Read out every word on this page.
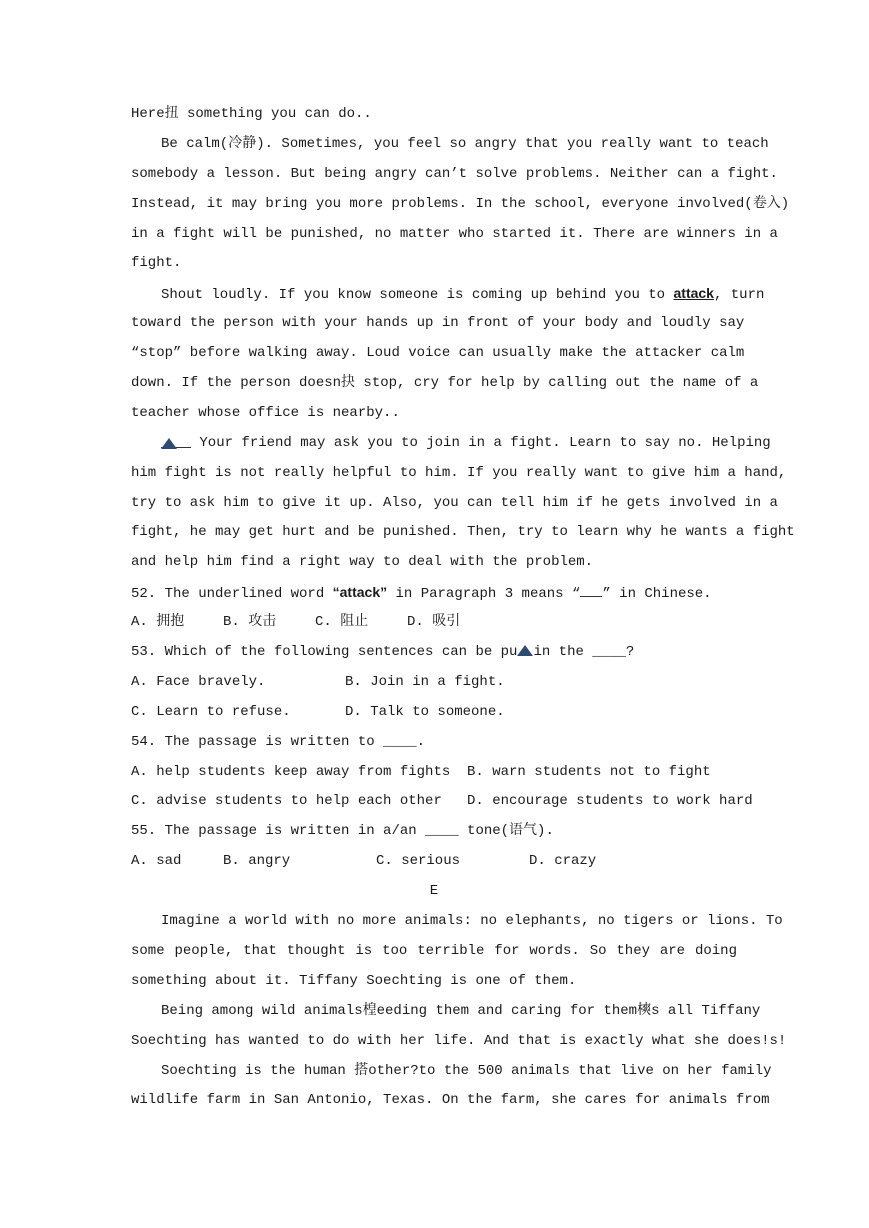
Here扭 something you can do..
Be calm(冷静). Sometimes, you feel so angry that you really want to teach
somebody a lesson. But being angry can’t solve problems. Neither can a fight.
Instead, it may bring you more problems. In the school, everyone involved(卷入)
in a fight will be punished, no matter who started it. There are winners in a
fight.
Shout loudly. If you know someone is coming up behind you to attack, turn
toward the person with your hands up in front of your body and loudly say
“stop” before walking away. Loud voice can usually make the attacker calm
down. If the person doesn抉 stop, cry for help by calling out the name of a
teacher whose office is nearby..
Your friend may ask you to join in a fight. Learn to say no. Helping
him fight is not really helpful to him. If you really want to give him a hand,
try to ask him to give it up. Also, you can tell him if he gets involved in a
fight, he may get hurt and be punished. Then, try to learn why he wants a fight
and help him find a right way to deal with the problem.
52. The underlined word “attack” in Paragraph 3 means “ ” in Chinese.
A. 拥抱	B. 攻击	C. 阻止	D. 吸引
53. Which of the following sentences can be pu in the ____?
A. Face bravely.	B. Join in a fight.
C. Learn to refuse.	D. Talk to someone.
54. The passage is written to ____.
A. help students keep away from fights B. warn students not to fight
C. advise students to help each other D. encourage students to work hard
55. The passage is written in a/an ____ tone(语气).
A. sad	B. angry	C. serious	D. crazy
E
Imagine a world with no more animals: no elephants, no tigers or lions. To
some people, that thought is too terrible for words. So they are doing
something about it. Tiffany Soechting is one of them.
Being among wild animals楻eeding them and caring for them樉s all Tiffany
Soechting has wanted to do with her life. And that is exactly what she does!s!
Soechting is the human 搭other?to the 500 animals that live on her family
wildlife farm in San Antonio, Texas. On the farm, she cares for animals from
